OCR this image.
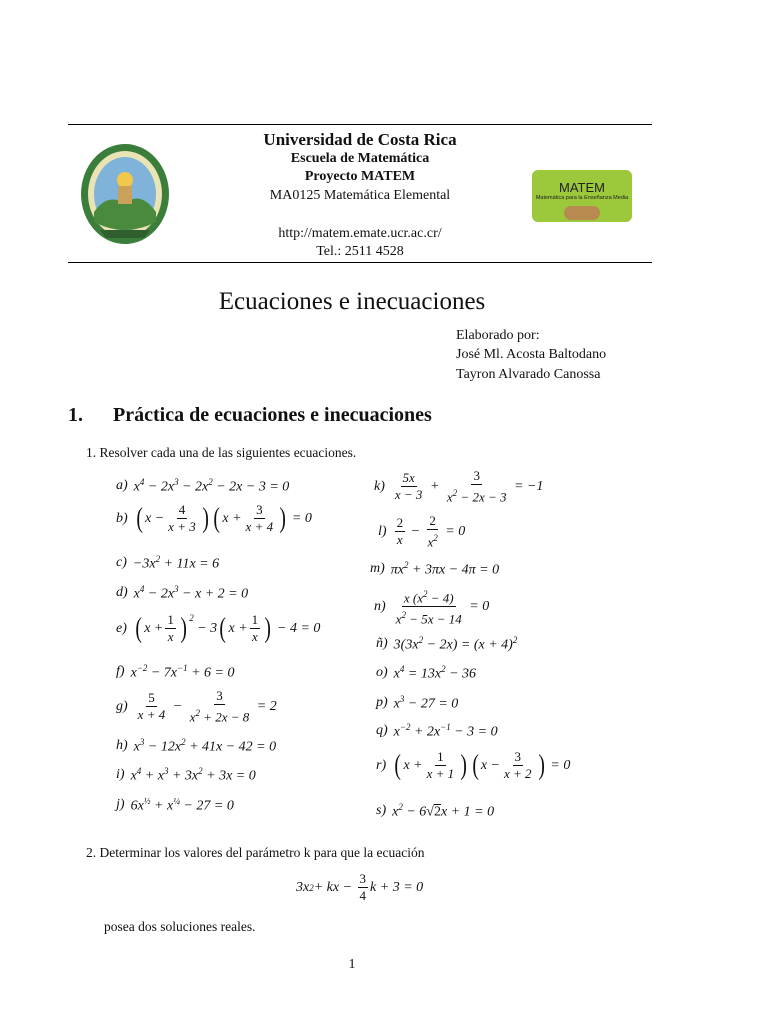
Universidad de Costa Rica
Escuela de Matemática
Proyecto MATEM
MA0125 Matemática Elemental
http://matem.emate.ucr.ac.cr/
Tel.: 2511 4528
MATEM
Matemática para la Enseñanza Media
Ecuaciones e inecuaciones
Elaborado por:
José Ml. Acosta Baltodano
Tayron Alvarado Canossa
1. Práctica de ecuaciones e inecuaciones
1. Resolver cada una de las siguientes ecuaciones.
a) $x^4 - 2x^3 - 2x^2 - 2x - 3 = 0$
b) ( $x - \frac{4}{x + 3}$ ) ( $x + \frac{3}{x + 4}$ ) = 0
$c) -3x^2 + 11x = 6$
d) $x^4 - 2x^3 - x + 2 = 0$
e) ( $x + \frac{1}{x}$ ) $^2$
− 3 ( $x + \frac{1}{x}$ ) − 4 = 0
f) $x^{-2} - 7x^{-1} + 6 = 0$
$g) \frac{5}{x + 4} - \frac{3}{x^2 + 2x - 8} = 2$
h) $x^3 - 12x^2 + 41x - 42 = 0$
i) $x^4 + x^3 + 3x^2 + 3x = 0$
j) $6x^{\frac{1}{2}} + x^{\frac{1}{4}} - 27 = 0$
$k) \frac{5x}{x - 3} + \frac{3}{x^2 - 2x - 3} = -1$
$l) \frac{2}{x} - \frac{2}{x^2} = 0$
m) $\pi x^2 + 3\pi x - 4\pi = 0$
$n) \frac{x (x^2 - 4)}{x^2 - 5x - 14} = 0$
ñ) $3(3x^2 - 2x) = (x + 4)^2$
o) $x^4 = 13x^2 - 36$
p) $x^3 - 27 = 0$
q) $x^{-2} + 2x^{-1} - 3 = 0$
r) ( $x + \frac{1}{x + 1}$ ) ( $x - \frac{3}{x + 2}$ ) = 0
s) $x^2 - 6√2x + 1 = 0$
2. Determinar los valores del parámetro k para que la ecuación
3x 2 + kx − $\frac{3}{4}$ k + 3 = 0
posea dos soluciones reales.
1
